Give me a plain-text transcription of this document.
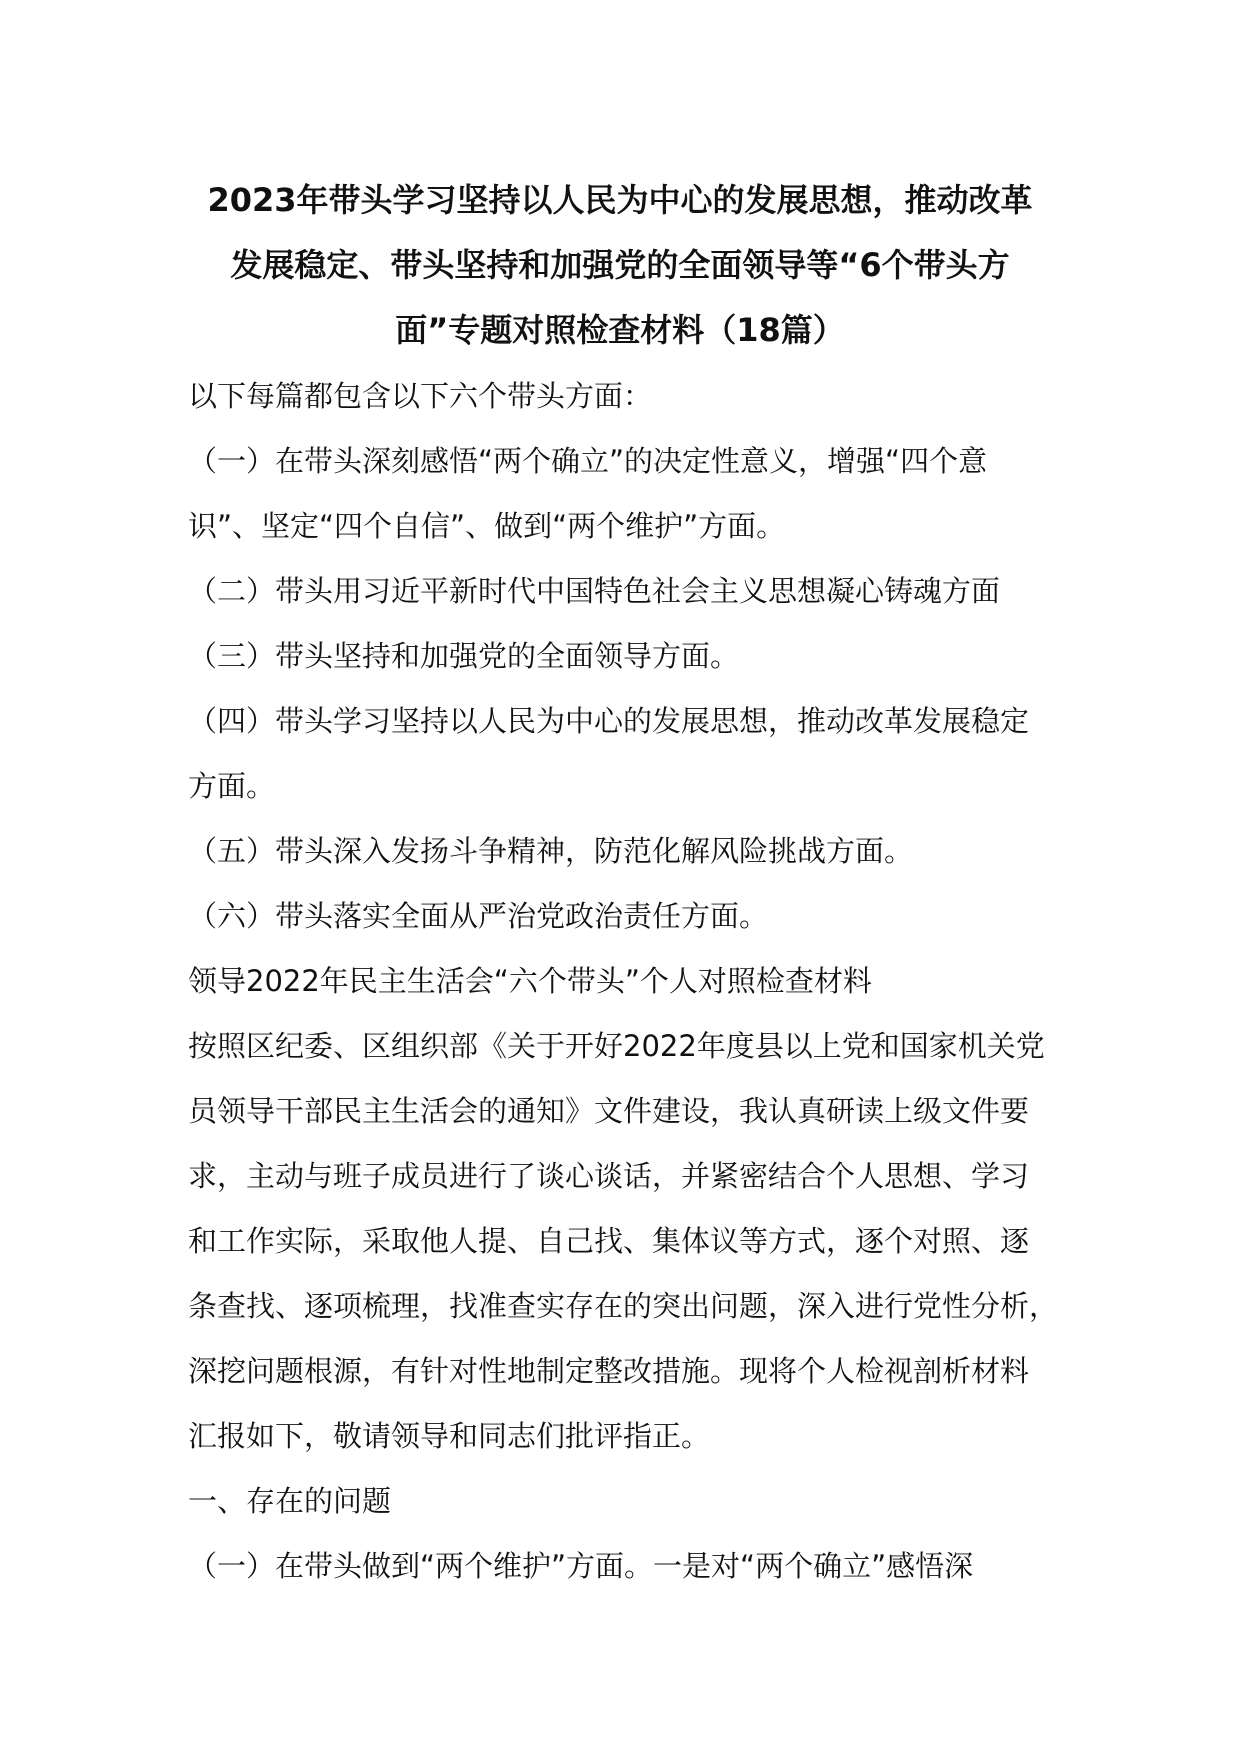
2023年带头学习坚持以人民为中心的发展思想，推动改革
发展稳定、带头坚持和加强党的全面领导等“6个带头方
面”专题对照检查材料（18篇）
以下每篇都包含以下六个带头方面：
（一）在带头深刻感悟“两个确立”的决定性意义，增强“四个意
识”、坚定“四个自信”、做到“两个维护”方面。
（二）带头用习近平新时代中国特色社会主义思想凝心铸魂方面
（三）带头坚持和加强党的全面领导方面。
（四）带头学习坚持以人民为中心的发展思想，推动改革发展稳定
方面。
（五）带头深入发扬斗争精神，防范化解风险挑战方面。
（六）带头落实全面从严治党政治责任方面。
领导2022年民主生活会“六个带头”个人对照检查材料
按照区纪委、区组织部《关于开好2022年度县以上党和国家机关党
员领导干部民主生活会的通知》文件建设，我认真研读上级文件要
求，主动与班子成员进行了谈心谈话，并紧密结合个人思想、学习
和工作实际，采取他人提、自己找、集体议等方式，逐个对照、逐
条查找、逐项梳理，找准查实存在的突出问题，深入进行党性分析，
深挖问题根源，有针对性地制定整改措施。现将个人检视剖析材料
汇报如下，敬请领导和同志们批评指正。
一、存在的问题
（一）在带头做到“两个维护”方面。一是对“两个确立”感悟深
